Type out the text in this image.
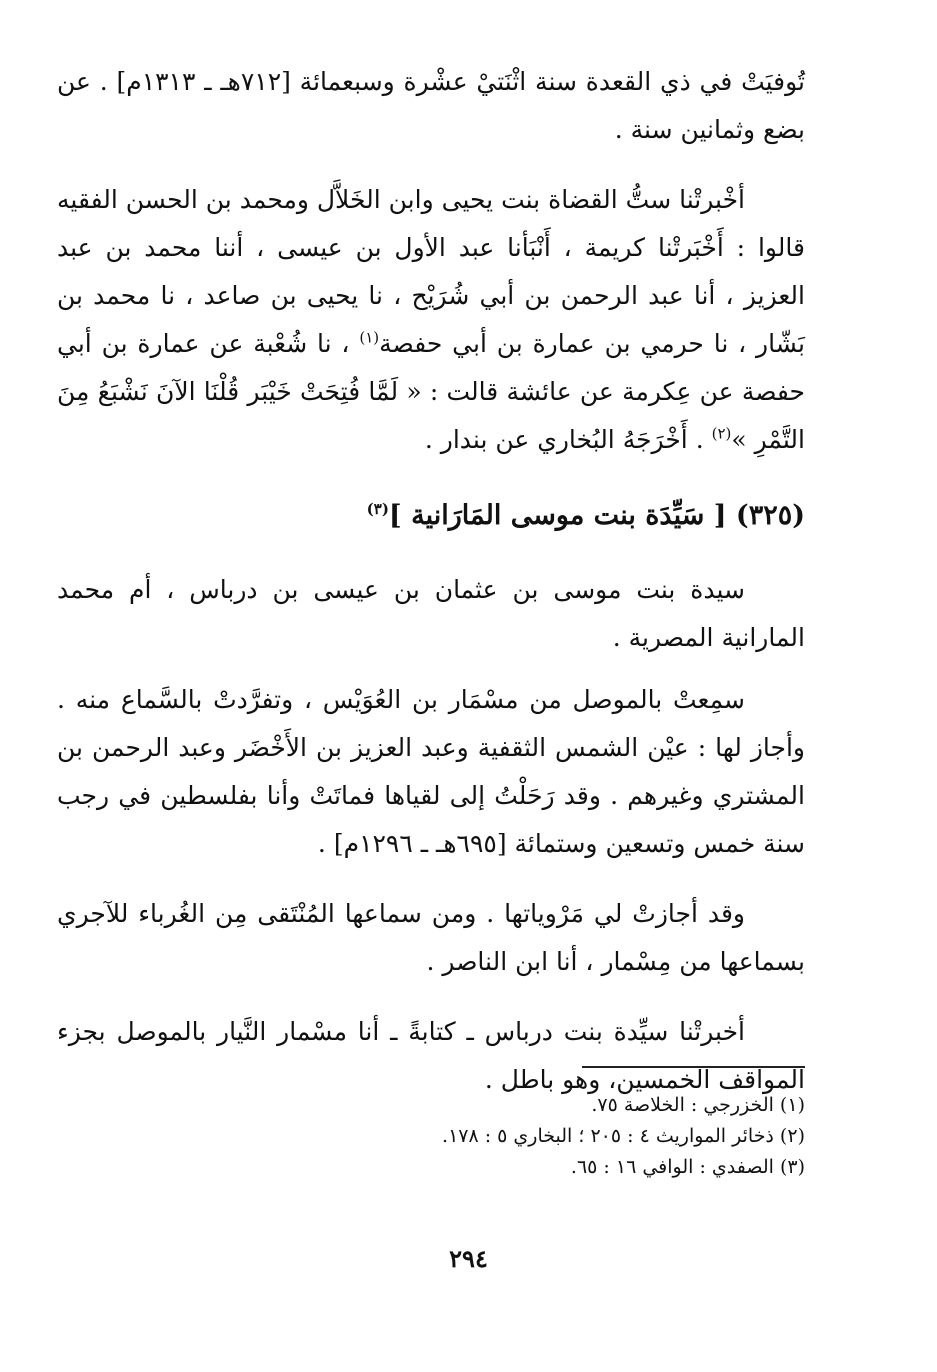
تُوفيَتْ في ذي القعدة سنة اثْنَتيْ عشْرة وسبعمائة [٧١٢هـ ـ ١٣١٣م] . عن بضع وثمانين سنة .

أخْبرتْنا ستُّ القضاة بنت يحيى وابن الخَلاَّل ومحمد بن الحسن الفقيه قالوا : أَخْبَرتْنا كريمة ، أَنْبَأنا عبد الأول بن عيسى ، أننا محمد بن عبد العزيز ، أنا عبد الرحمن بن أبي شُرَيْح ، نا يحيى بن صاعد ، نا محمد بن بَشّار ، نا حرمي بن عمارة بن أبي حفصة$^{(١)}$ ، نا شُعْبة عن عمارة بن أبي حفصة عن عِكرمة عن عائشة قالت : « لَمَّا فُتِحَتْ خَيْبَر قُلْنَا الآنَ نَشْبَعُ مِنَ التَّمْرِ »$^{(٢)}$ . أَخْرَجَهُ البُخاري عن بندار .

(٣٢٥) [ سَيِّدَة بنت موسى المَارَانية ]$^{(٣)}$

سيدة بنت موسى بن عثمان بن عيسى بن درباس ، أم محمد المارانية المصرية .

سمِعتْ بالموصل من مسْمَار بن العُوَيْس ، وتفرَّدتْ بالسَّماع منه . وأجاز لها : عيْن الشمس الثقفية وعبد العزيز بن الأَخْضَر وعبد الرحمن بن المشتري وغيرهم . وقد رَحَلْتُ إلى لقياها فماتَتْ وأنا بفلسطين في رجب سنة خمس وتسعين وستمائة [٦٩٥هـ ـ ١٢٩٦م] .

وقد أجازتْ لي مَرْوياتها . ومن سماعها المُنْتَقى مِن الغُرباء للآجري بسماعها من مِسْمار ، أنا ابن الناصر .

أخبرتْنا سيِّدة بنت درباس ـ كتابةً ـ أنا مسْمار النَّيار بالموصل بجزء المواقف الخمسين، وهو باطل .

(١) الخزرجي : الخلاصة ٧٥.

(٢) ذخائر المواريث ٤ : ٢٠٥ ؛ البخاري ٥ : ١٧٨.

(٣) الصفدي : الوافي ١٦ : ٦٥.

٢٩٤
